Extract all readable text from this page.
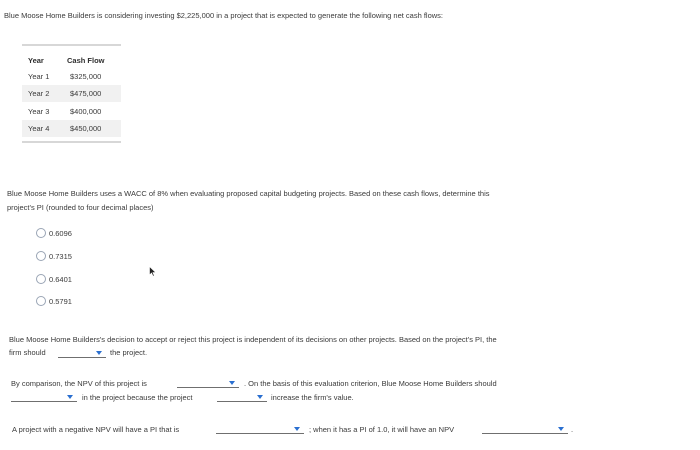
Blue Moose Home Builders is considering investing $2,225,000 in a project that is expected to generate the following net cash flows:
Year	Cash Flow
Year 1	$325,000
Year 2	$475,000
Year 3	$400,000
Year 4	$450,000
Blue Moose Home Builders uses a WACC of 8% when evaluating proposed capital budgeting projects. Based on these cash flows, determine this
project's PI (rounded to four decimal places)
0.6096
0.7315
0.6401
0.5791
Blue Moose Home Builders's decision to accept or reject this project is independent of its decisions on other projects. Based on the project's PI, the
firm should	the project.
By comparison, the NPV of this project is	. On the basis of this evaluation criterion, Blue Moose Home Builders should
in the project because the project	increase the firm's value.
A project with a negative NPV will have a PI that is	; when it has a PI of 1.0, it will have an NPV	.
